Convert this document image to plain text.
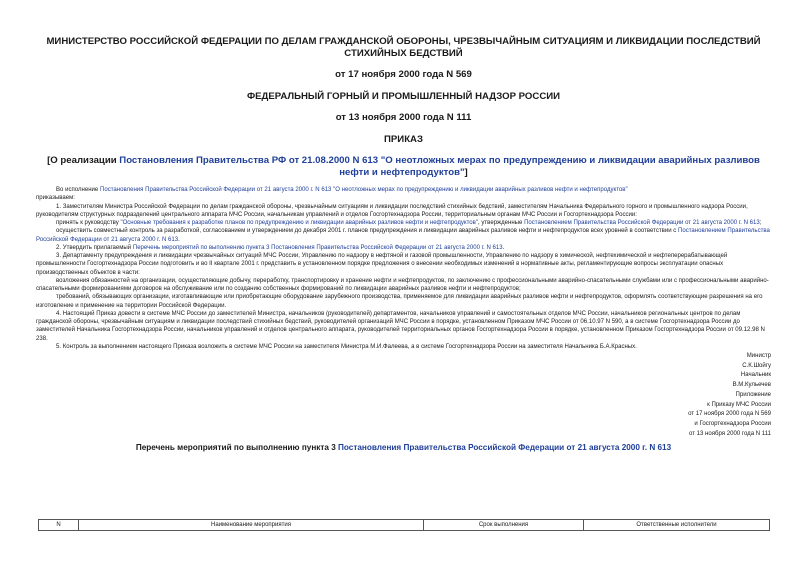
МИНИСТЕРСТВО РОССИЙСКОЙ ФЕДЕРАЦИИ ПО ДЕЛАМ ГРАЖДАНСКОЙ ОБОРОНЫ, ЧРЕЗВЫЧАЙНЫМ СИТУАЦИЯМ И ЛИКВИДАЦИИ ПОСЛЕДСТВИЙ СТИХИЙНЫХ БЕДСТВИЙ

от 17 ноября 2000 года N 569

ФЕДЕРАЛЬНЫЙ ГОРНЫЙ И ПРОМЫШЛЕННЫЙ НАДЗОР РОССИИ

от 13 ноября 2000 года N 111

ПРИКАЗ

[О реализации Постановления Правительства РФ от 21.08.2000 N 613 "О неотложных мерах по предупреждению и ликвидации аварийных разливов нефти и нефтепродуктов"]

Во исполнение Постановления Правительства Российской Федерации от 21 августа 2000 г. N 613 "О неотложных мерах по предупреждению и ликвидации аварийных разливов нефти и нефтепродуктов"

приказываем:

1. Заместителям Министра Российской Федерации по делам гражданской обороны, чрезвычайным ситуациям и ликвидации последствий стихийных бедствий, заместителям Начальника Федерального горного и промышленного надзора России, руководителям структурных подразделений центрального аппарата МЧС России, начальникам управлений и отделов Госгортехнадзора России, территориальным органам МЧС России и Госгортехнадзора России:

принять к руководству "Основные требования к разработке планов по предупреждению и ликвидации аварийных разливов нефти и нефтепродуктов", утвержденные Постановлением Правительства Российской Федерации от 21 августа 2000 г. N 613;

осуществить совместный контроль за разработкой, согласованием и утверждением до декабря 2001 г. планов предупреждения и ликвидации аварийных разливов нефти и нефтепродуктов всех уровней в соответствии с Постановлением Правительства Российской Федерации от 21 августа 2000 г. N 613.

2. Утвердить прилагаемый Перечень мероприятий по выполнению пункта 3 Постановления Правительства Российской Федерации от 21 августа 2000 г. N 613.

3. Департаменту предупреждения и ликвидации чрезвычайных ситуаций МЧС России, Управлению по надзору в нефтяной и газовой промышленности, Управлению по надзору в химической, нефтехимической и нефтеперерабатывающей промышленности Госгортехнадзора России подготовить и во II квартале 2001 г. представить в установленном порядке предложения о внесении необходимых изменений в нормативные акты, регламентирующие вопросы эксплуатации опасных производственных объектов в части:

возложения обязанностей на организации, осуществляющие добычу, переработку, транспортировку и хранение нефти и нефтепродуктов, по заключению с профессиональными аварийно-спасательными службами или с профессиональными аварийно-спасательными формированиями договоров на обслуживание или по созданию собственных формирований по ликвидации аварийных разливов нефти и нефтепродуктов;

требований, обязывающих организации, изготавливающие или приобретающие оборудование зарубежного производства, применяемое для ликвидации аварийных разливов нефти и нефтепродуктов, оформлять соответствующие разрешения на его изготовление и применение на территории Российской Федерации.

4. Настоящий Приказ довести в системе МЧС России до заместителей Министра, начальников (руководителей) департаментов, начальников управлений и самостоятельных отделов МЧС России, начальников региональных центров по делам гражданской обороны, чрезвычайным ситуациям и ликвидации последствий стихийных бедствий, руководителей организаций МЧС России в порядке, установленном Приказом МЧС России от 06.10.97 N 590, а в системе Госгортехнадзора России до заместителей Начальника Госгортехнадзора России, начальников управлений и отделов центрального аппарата, руководителей территориальных органов Госгортехнадзора России в порядке, установленном Приказом Госгортехнадзора России от 09.12.98 N 238.

5. Контроль за выполнением настоящего Приказа возложить в системе МЧС России на заместителя Министра М.И.Фалеева, а в системе Госгортехнадзора России на заместителя Начальника Б.А.Красных.

Министр
С.К.Шойгу
Начальник
В.М.Кульечев
Приложение
к Приказу МЧС России
от 17 ноября 2000 года N 569
и Госгортехнадзора России
от 13 ноября 2000 года N 111

Перечень мероприятий по выполнению пункта 3 Постановления Правительства Российской Федерации от 21 августа 2000 г. N 613

N	Наименование мероприятия	Срок выполнения	Ответственные исполнители
